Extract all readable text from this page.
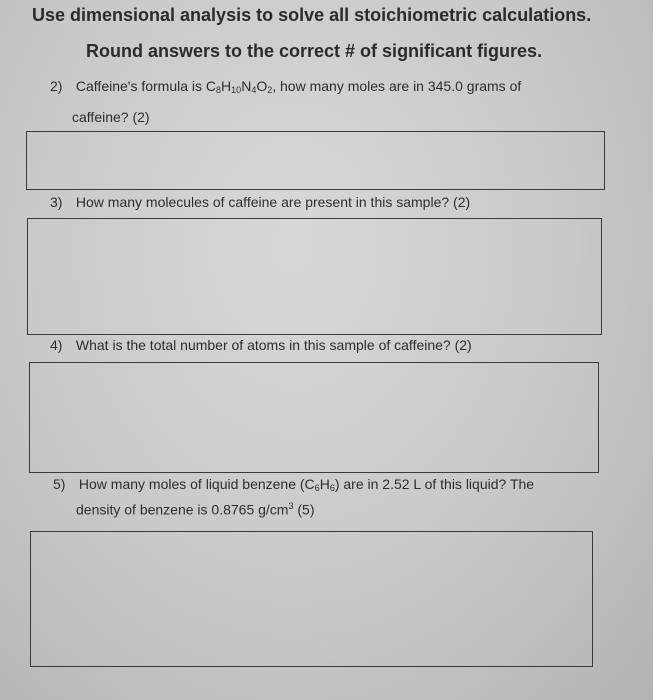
Use dimensional analysis to solve all stoichiometric calculations.
Round answers to the correct # of significant figures.
2) Caffeine's formula is $C_8H_{10}N_4O_2$, how many moles are in 345.0 grams of
caffeine? (2)
3) How many molecules of caffeine are present in this sample? (2)
4) What is the total number of atoms in this sample of caffeine? (2)
5) How many moles of liquid benzene $(C_6H_6)$ are in 2.52 L of this liquid? The
density of benzene is 0.8765 $g/cm^3$ (5)
